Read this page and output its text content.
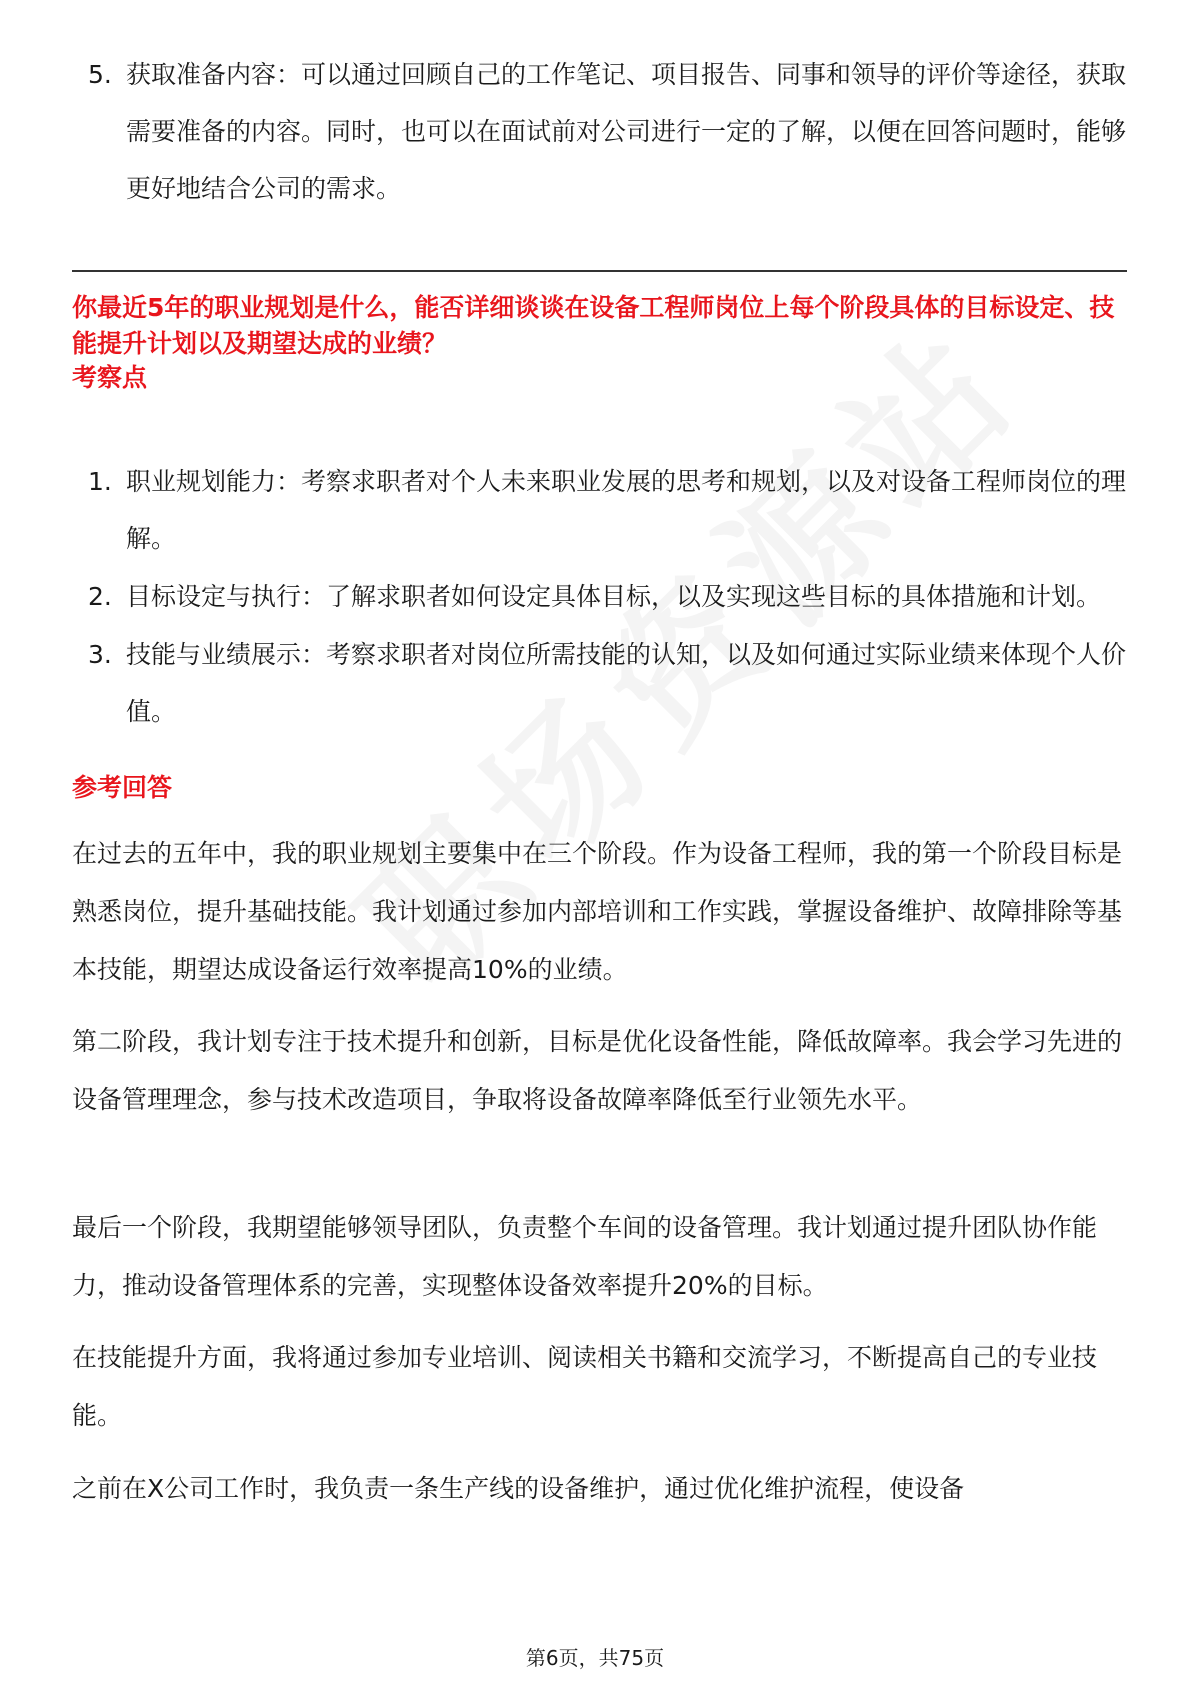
5. 获取准备内容：可以通过回顾自己的工作笔记、项目报告、同事和领导的评价等途径，获取需要准备的内容。同时，也可以在面试前对公司进行一定的了解，以便在回答问题时，能够更好地结合公司的需求。
你最近5年的职业规划是什么，能否详细谈谈在设备工程师岗位上每个阶段具体的目标设定、技能提升计划以及期望达成的业绩？
考察点
1. 职业规划能力：考察求职者对个人未来职业发展的思考和规划，以及对设备工程师岗位的理解。
2. 目标设定与执行：了解求职者如何设定具体目标，以及实现这些目标的具体措施和计划。
3. 技能与业绩展示：考察求职者对岗位所需技能的认知，以及如何通过实际业绩来体现个人价值。
参考回答

在过去的五年中，我的职业规划主要集中在三个阶段。作为设备工程师，我的第一个阶段目标是熟悉岗位，提升基础技能。我计划通过参加内部培训和工作实践，掌握设备维护、故障排除等基本技能，期望达成设备运行效率提高10%的业绩。

第二阶段，我计划专注于技术提升和创新，目标是优化设备性能，降低故障率。我会学习先进的设备管理理念，参与技术改造项目，争取将设备故障率降低至行业领先水平。

最后一个阶段，我期望能够领导团队，负责整个车间的设备管理。我计划通过提升团队协作能力，推动设备管理体系的完善，实现整体设备效率提升20%的目标。

在技能提升方面，我将通过参加专业培训、阅读相关书籍和交流学习，不断提高自己的专业技能。

之前在X公司工作时，我负责一条生产线的设备维护，通过优化维护流程，使设备

第6页，共75页
